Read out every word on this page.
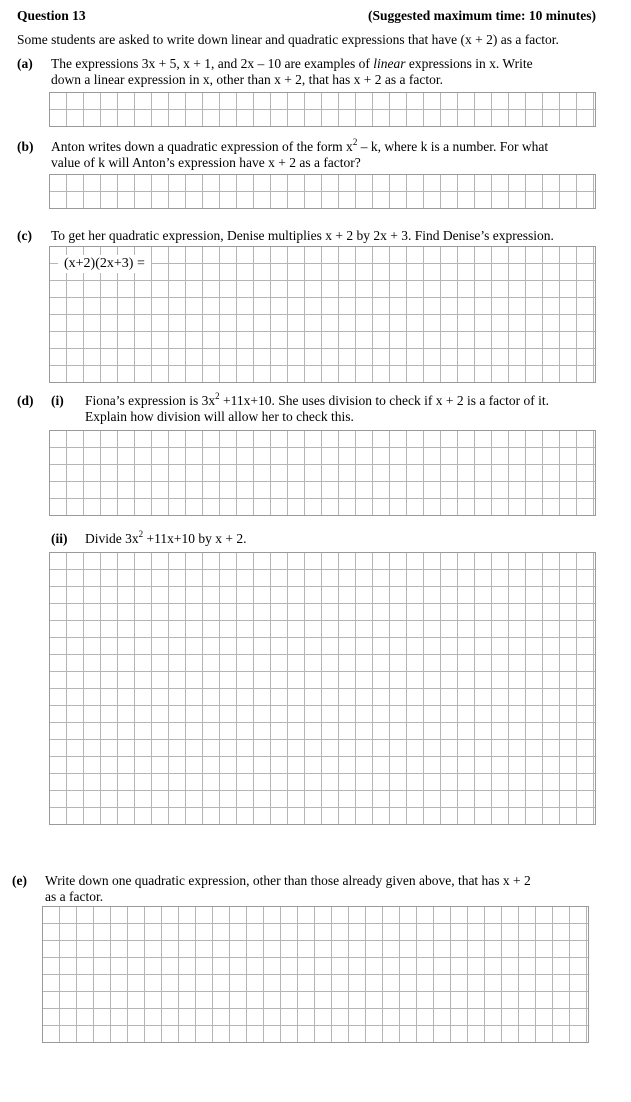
Question 13	(Suggested maximum time: 10 minutes)
Some students are asked to write down linear and quadratic expressions that have (x + 2) as a factor.
(a) The expressions 3x + 5, x + 1, and 2x – 10 are examples of linear expressions in x. Write
down a linear expression in x, other than x + 2, that has x + 2 as a factor.
(b) Anton writes down a quadratic expression of the form $x^2$ – k, where k is a number. For what
value of k will Anton’s expression have x + 2 as a factor?
(c) To get her quadratic expression, Denise multiplies x + 2 by 2x + 3. Find Denise’s expression.
(x+2)(2x+3) =
(d) (i) Fiona’s expression is $3x^2 +11x+10$. She uses division to check if x + 2 is a factor of it.
Explain how division will allow her to check this.
(ii) Divide $3x^2 +11x+10$ by x + 2.
(e) Write down one quadratic expression, other than those already given above, that has x + 2
as a factor.
